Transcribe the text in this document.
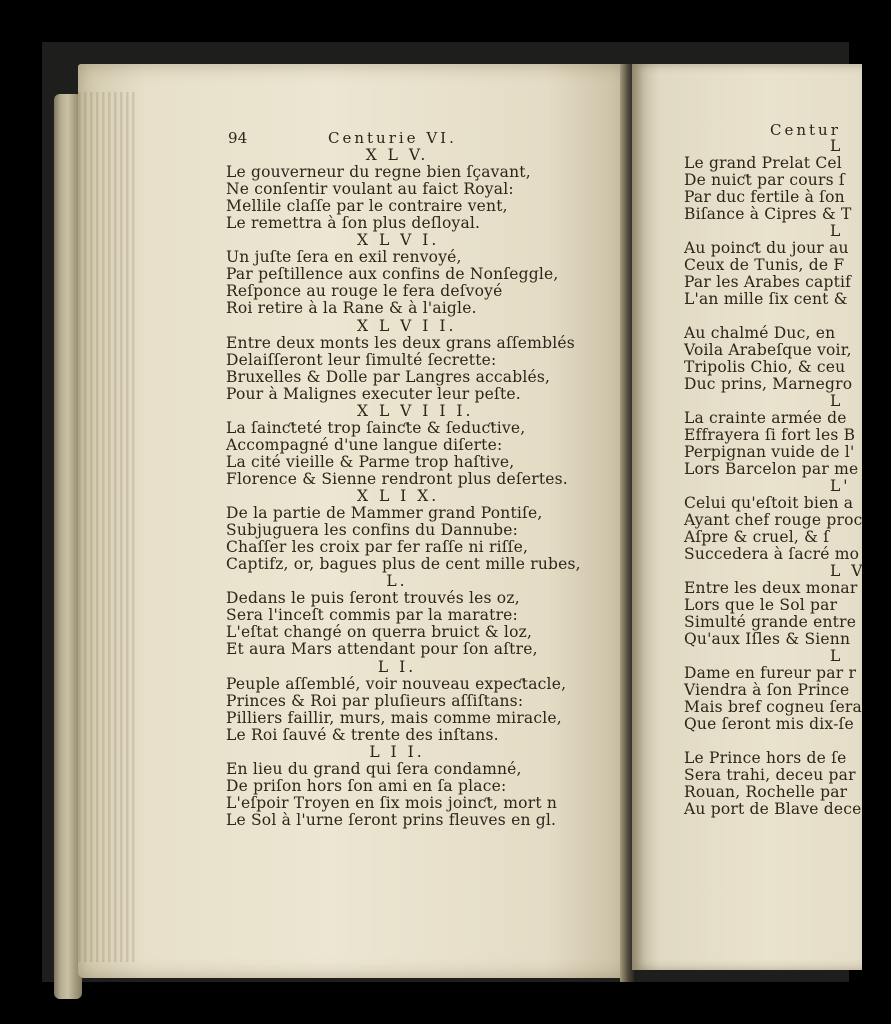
94	Centurie VI.
X L V.
Le gouverneur du regne bien ſçavant,
Ne conſentir voulant au faict Royal:
Mellile claſſe par le contraire vent,
Le remettra à ſon plus deſloyal.
X L V I.
Un juſte ſera en exil renvoyé,
Par peſtillence aux confins de Nonſeggle,
Reſponce au rouge le fera deſvoyé
Roi retire à la Rane & à l'aigle.
X L V I I.
Entre deux monts les deux grans aſſemblés
Delaiſſeront leur ſimulté ſecrette:
Bruxelles & Dolle par Langres accablés,
Pour à Malignes executer leur peſte.
X L V I I I.
La ſainƈteté trop ſainƈte & ſeduƈtive,
Accompagné d'une langue diſerte:
La cité vieille & Parme trop haſtive,
Florence & Sienne rendront plus deſertes.
X L I X.
De la partie de Mammer grand Pontiſe,
Subjuguera les confins du Dannube:
Chaſſer les croix par fer raſſe ni riſſe,
Captifz, or, bagues plus de cent mille rubes,
L.
Dedans le puis ſeront trouvés les oz,
Sera l'inceſt commis par la maratre:
L'eſtat changé on querra bruict & loz,
Et aura Mars attendant pour ſon aſtre,
L I.
Peuple aſſemblé, voir nouveau expeƈtacle,
Princes & Roi par pluſieurs aſſiſtans:
Pilliers faillir, murs, mais comme miracle,
Le Roi ſauvé & trente des inſtans.
L I I.
En lieu du grand qui ſera condamné,
De priſon hors ſon ami en ſa place:
L'eſpoir Troyen en ſix mois joinƈt, mort n
Le Sol à l'urne ſeront prins fleuves en gl.
Centur
L
Le grand Prelat Cel
De nuiƈt par cours ſ
Par duc fertile à ſon
Biſance à Cipres & T
L
Au poinƈt du jour au
Ceux de Tunis, de F
Par les Arabes captif
L'an mille ſix cent &
Au chalmé Duc, en
Voila Arabeſque voir,
Tripolis Chio, & ceu
Duc prins, Marnegro
L
La crainte armée de
Effrayera ſi fort les B
Perpignan vuide de l'
Lors Barcelon par me
L'
Celui qu'eſtoit bien a
Ayant chef rouge proc
Aſpre & cruel, & ſ
Succedera à ſacré mo
L V
Entre les deux monar
Lors que le Sol par
Simulté grande entre
Qu'aux Iſles & Sienn
L
Dame en fureur par r
Viendra à ſon Prince
Mais bref cogneu ſera
Que ſeront mis dix-ſe
Le Prince hors de ſe
Sera trahi, deceu par
Rouan, Rochelle par
Au port de Blave dece
